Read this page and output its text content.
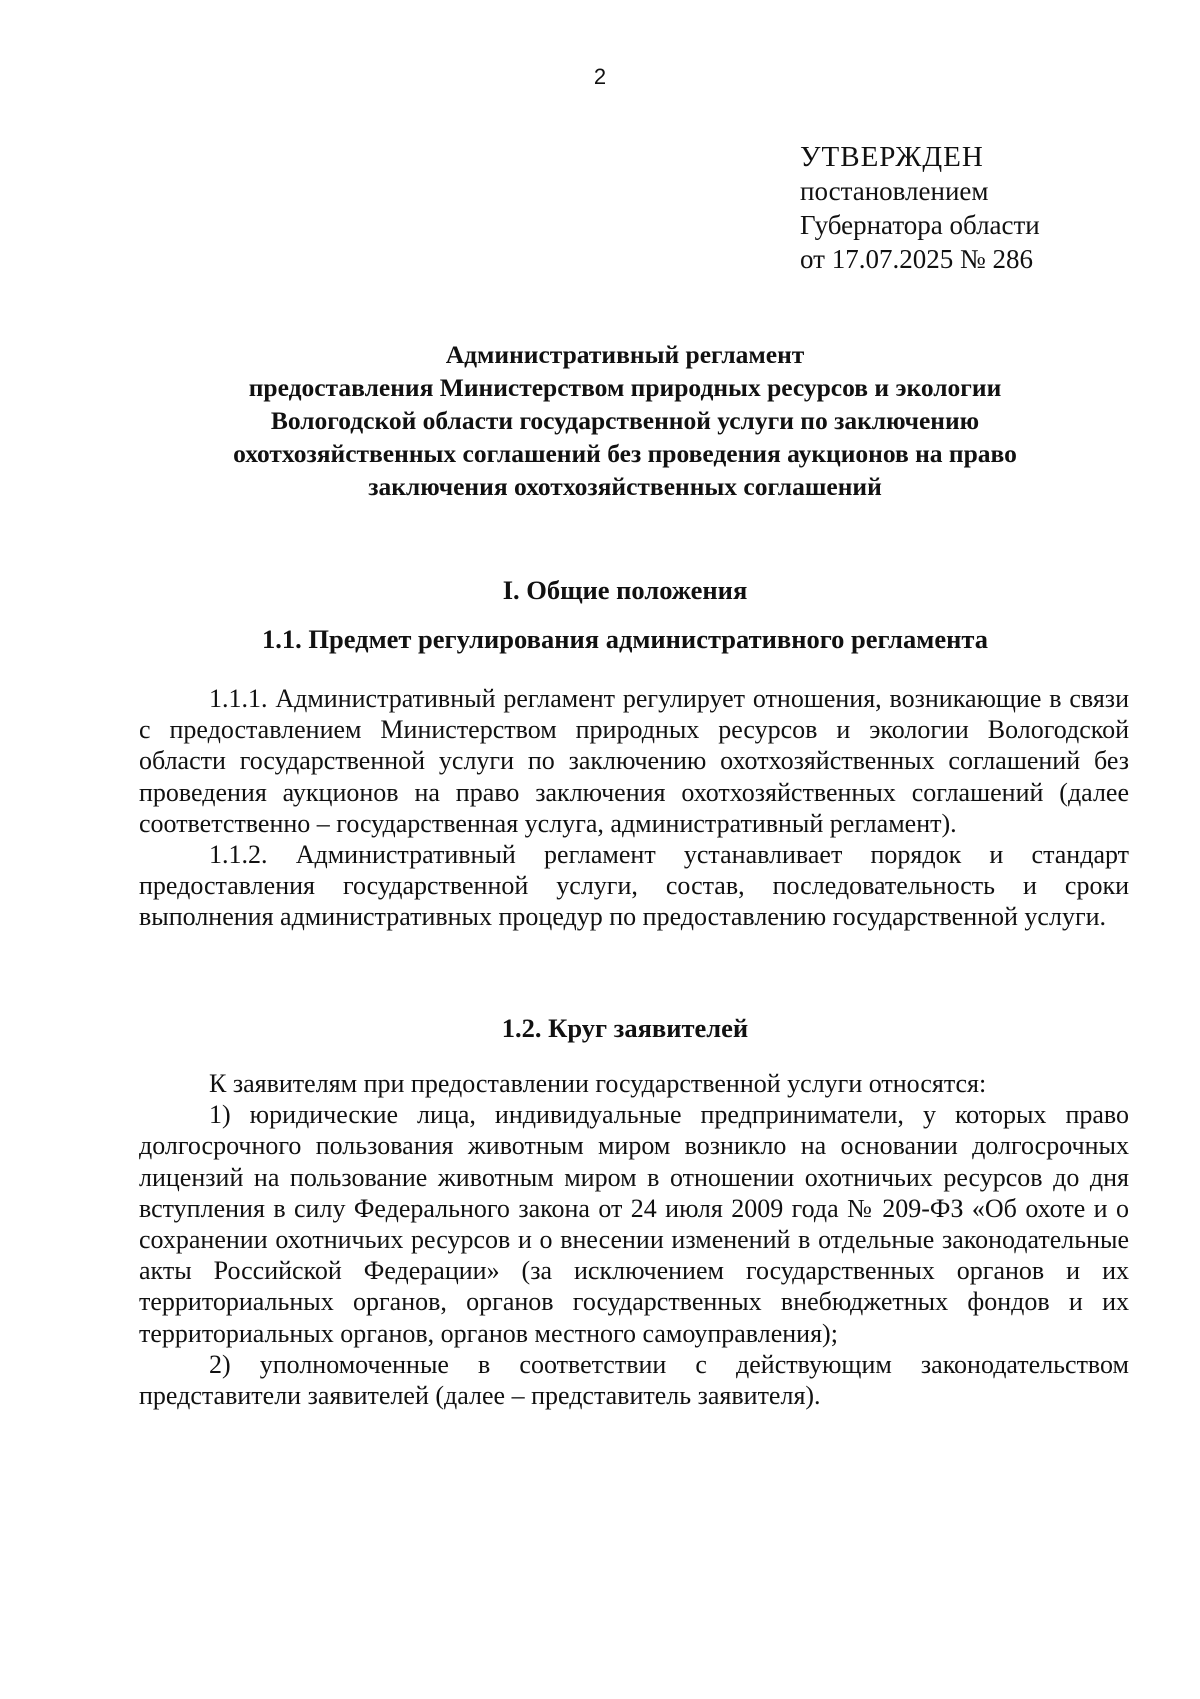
2
УТВЕРЖДЕН
постановлением
Губернатора области
от 17.07.2025 № 286
Административный регламент
предоставления Министерством природных ресурсов и экологии
Вологодской области государственной услуги по заключению
охотхозяйственных соглашений без проведения аукционов на право
заключения охотхозяйственных соглашений
I. Общие положения
1.1. Предмет регулирования административного регламента

1.1.1. Административный регламент регулирует отношения, возникающие в связи с предоставлением Министерством природных ресурсов и экологии Вологодской области государственной услуги по заключению охотхозяйственных соглашений без проведения аукционов на право заключения охотхозяйственных соглашений (далее соответственно – государственная услуга, административный регламент).

1.1.2. Административный регламент устанавливает порядок и стандарт предоставления государственной услуги, состав, последовательность и сроки выполнения административных процедур по предоставлению государственной услуги.

1.2. Круг заявителей

К заявителям при предоставлении государственной услуги относятся:

1) юридические лица, индивидуальные предприниматели, у которых право долгосрочного пользования животным миром возникло на основании долгосрочных лицензий на пользование животным миром в отношении охотничьих ресурсов до дня вступления в силу Федерального закона от 24 июля 2009 года № 209-ФЗ «Об охоте и о сохранении охотничьих ресурсов и о внесении изменений в отдельные законодательные акты Российской Федерации» (за исключением государственных органов и их территориальных органов, органов государственных внебюджетных фондов и их территориальных органов, органов местного самоуправления);

2) уполномоченные в соответствии с действующим законодательством представители заявителей (далее – представитель заявителя).
